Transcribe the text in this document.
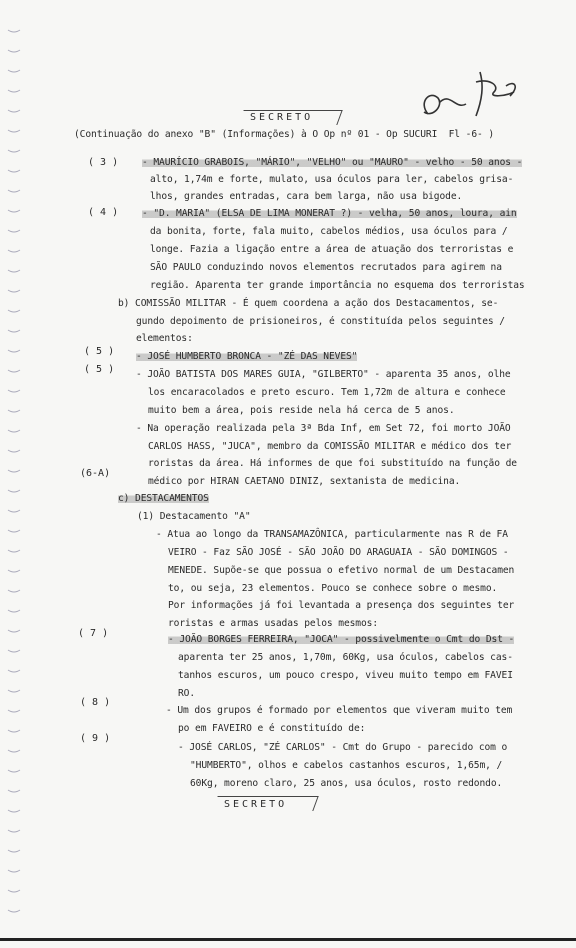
SECRETO
(Continuação do anexo "B" (Informações) à O Op nº 01 - Op SUCURI  Fl -6- )
( 3 )
( 4 )
( 5 )
( 5 )
(6-A)
( 7 )
( 8 )
( 9 )
- MAURÍCIO GRABOIS, "MÁRIO", "VELHO" ou "MAURO" - velho - 50 anos -
alto, 1,74m e forte, mulato, usa óculos para ler, cabelos grisa-
lhos, grandes entradas, cara bem larga, não usa bigode.
- "D. MARIA" (ELSA DE LIMA MONERAT ?) - velha, 50 anos, loura, ain
da bonita, forte, fala muito, cabelos médios, usa óculos para /
longe. Fazia a ligação entre a área de atuação dos terroristas e
SÃO PAULO conduzindo novos elementos recrutados para agirem na
região. Aparenta ter grande importância no esquema dos terroristas
b) COMISSÃO MILITAR - É quem coordena a ação dos Destacamentos, se-
gundo depoimento de prisioneiros, é constituída pelos seguintes /
elementos:
- JOSÉ HUMBERTO BRONCA - "ZÉ DAS NEVES"
- JOÃO BATISTA DOS MARES GUIA, "GILBERTO" - aparenta 35 anos, olhe
los encaracolados e preto escuro. Tem 1,72m de altura e conhece
muito bem a área, pois reside nela há cerca de 5 anos.
- Na operação realizada pela 3ª Bda Inf, em Set 72, foi morto JOÃO
CARLOS HASS, "JUCA", membro da COMISSÃO MILITAR e médico dos ter
roristas da área. Há informes de que foi substituído na função de
médico por HIRAN CAETANO DINIZ, sextanista de medicina.
c) DESTACAMENTOS
(1) Destacamento "A"
- Atua ao longo da TRANSAMAZÔNICA, particularmente nas R de FA
VEIRO - Faz SÃO JOSÉ - SÃO JOÃO DO ARAGUAIA - SÃO DOMINGOS -
MENEDE. Supõe-se que possua o efetivo normal de um Destacamen
to, ou seja, 23 elementos. Pouco se conhece sobre o mesmo.
Por informações já foi levantada a presença dos seguintes ter
roristas e armas usadas pelos mesmos:
- JOÃO BORGES FERREIRA, "JOCA" - possivelmente o Cmt do Dst -
aparenta ter 25 anos, 1,70m, 60Kg, usa óculos, cabelos cas-
tanhos escuros, um pouco crespo, viveu muito tempo em FAVEI
RO.
- Um dos grupos é formado por elementos que viveram muito tem
po em FAVEIRO e é constituído de:
- JOSÉ CARLOS, "ZÉ CARLOS" - Cmt do Grupo - parecido com o
"HUMBERTO", olhos e cabelos castanhos escuros, 1,65m, /
60Kg, moreno claro, 25 anos, usa óculos, rosto redondo.
SECRETO
